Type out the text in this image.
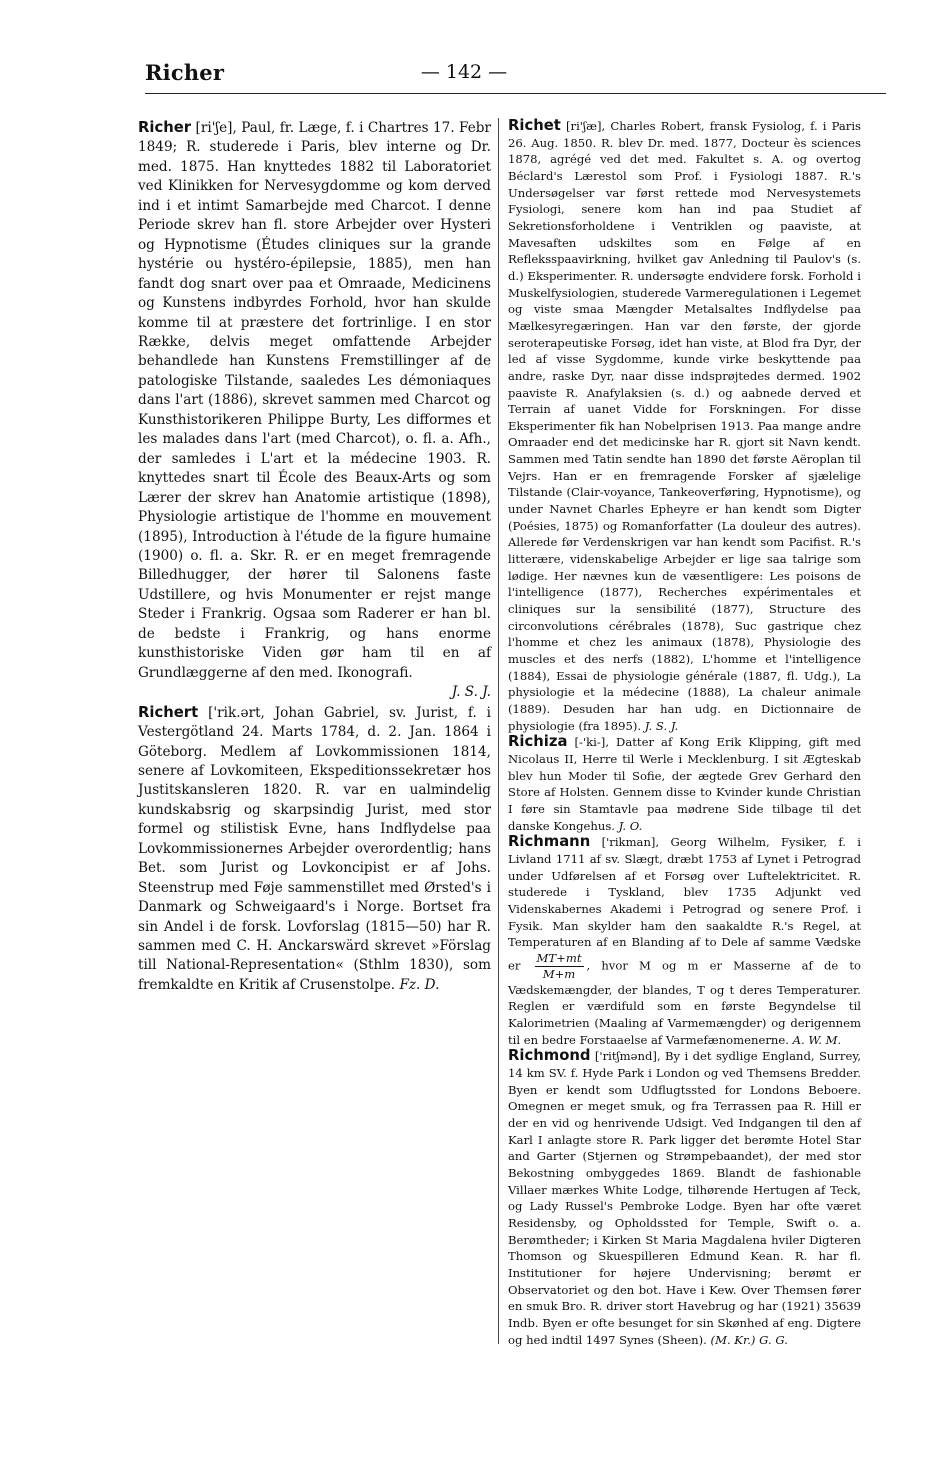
Richer	— 142 —

Richer [ri'ʃe], Paul, fr. Læge, f. i Chartres 17. Febr 1849; R. studerede i Paris, blev interne og Dr. med. 1875. Han knyttedes 1882 til Laboratoriet ved Klinikken for Nervesygdomme og kom derved ind i et intimt Samarbejde med Charcot. I denne Periode skrev han fl. store Arbejder over Hysteri og Hypnotisme (Études cliniques sur la grande hystérie ou hystéro-épilepsie, 1885), men han fandt dog snart over paa et Omraade, Medicinens og Kunstens indbyrdes Forhold, hvor han skulde komme til at præstere det fortrinlige. I en stor Række, delvis meget omfattende Arbejder behandlede han Kunstens Fremstillinger af de patologiske Tilstande, saaledes Les démoniaques dans l'art (1886), skrevet sammen med Charcot og Kunsthistorikeren Philippe Burty, Les difformes et les malades dans l'art (med Charcot), o. fl. a. Afh., der samledes i L'art et la médecine 1903. R. knyttedes snart til École des Beaux-Arts og som Lærer der skrev han Anatomie artistique (1898), Physiologie artistique de l'homme en mouvement (1895), Introduction à l'étude de la figure humaine (1900) o. fl. a. Skr. R. er en meget fremragende Billedhugger, der hører til Salonens faste Udstillere, og hvis Monumenter er rejst mange Steder i Frankrig. Ogsaa som Raderer er han bl. de bedste i Frankrig, og hans enorme kunsthistoriske Viden gør ham til en af Grundlæggerne af den med. Ikonografi.

J. S. J.

Richert ['rik.ərt, Johan Gabriel, sv. Jurist, f. i Vestergötland 24. Marts 1784, d. 2. Jan. 1864 i Göteborg. Medlem af Lovkommissionen 1814, senere af Lovkomiteen, Ekspeditionssekretær hos Justitskansleren 1820. R. var en ualmindelig kundskabsrig og skarpsindig Jurist, med stor formel og stilistisk Evne, hans Indflydelse paa Lovkommissionernes Arbejder overordentlig; hans Bet. som Jurist og Lovkoncipist er af Johs. Steenstrup med Føje sammenstillet med Ørsted's i Danmark og Schweigaard's i Norge. Bortset fra sin Andel i de forsk. Lovforslag (1815—50) har R. sammen med C. H. Anckarswärd skrevet »Förslag till National-Representation« (Sthlm 1830), som fremkaldte en Kritik af Crusenstolpe. Fz. D.

Richet [ri'ʃæ], Charles Robert, fransk Fysiolog, f. i Paris 26. Aug. 1850. R. blev Dr. med. 1877, Docteur ès sciences 1878, agrégé ved det med. Fakultet s. A. og overtog Béclard's Lærestol som Prof. i Fysiologi 1887. R.'s Undersøgelser var først rettede mod Nervesystemets Fysiologi, senere kom han ind paa Studiet af Sekretionsforholdene i Ventriklen og paaviste, at Mavesaften udskiltes som en Følge af en Refleksspaavirkning, hvilket gav Anledning til Paulov's (s. d.) Eksperimenter. R. undersøgte endvidere forsk. Forhold i Muskelfysiologien, studerede Varmeregulationen i Legemet og viste smaa Mængder Metalsaltes Indflydelse paa Mælkesyregæringen. Han var den første, der gjorde seroterapeutiske Forsøg, idet han viste, at Blod fra Dyr, der led af visse Sygdomme, kunde virke beskyttende paa andre, raske Dyr, naar disse indsprøjtedes dermed. 1902 paaviste R. Anafylaksien (s. d.) og aabnede derved et Terrain af uanet Vidde for Forskningen. For disse Eksperimenter fik han Nobelprisen 1913. Paa mange andre Omraader end det medicinske har R. gjort sit Navn kendt. Sammen med Tatin sendte han 1890 det første Aëroplan til Vejrs. Han er en fremragende Forsker af sjælelige Tilstande (Clair-voyance, Tankeoverføring, Hypnotisme), og under Navnet Charles Epheyre er han kendt som Digter (Poésies, 1875) og Romanforfatter (La douleur des autres). Allerede før Verdenskrigen var han kendt som Pacifist. R.'s litterære, videnskabelige Arbejder er lige saa talrige som lødige. Her nævnes kun de væsentligere: Les poisons de l'intelligence (1877), Recherches expérimentales et cliniques sur la sensibilité (1877), Structure des circonvolutions cérébrales (1878), Suc gastrique chez l'homme et chez les animaux (1878), Physiologie des muscles et des nerfs (1882), L'homme et l'intelligence (1884), Essai de physiologie générale (1887, fl. Udg.), La physiologie et la médecine (1888), La chaleur animale (1889). Desuden har han udg. en Dictionnaire de physiologie (fra 1895). J. S. J.

Richiza [-'ki-], Datter af Kong Erik Klipping, gift med Nicolaus II, Herre til Werle i Mecklenburg. I sit Ægteskab blev hun Moder til Sofie, der ægtede Grev Gerhard den Store af Holsten. Gennem disse to Kvinder kunde Christian I føre sin Stamtavle paa mødrene Side tilbage til det danske Kongehus. J. O.

Richmann ['rikman], Georg Wilhelm, Fysiker, f. i Livland 1711 af sv. Slægt, dræbt 1753 af Lynet i Petrograd under Udførelsen af et Forsøg over Luftelektricitet. R. studerede i Tyskland, blev 1735 Adjunkt ved Videnskabernes Akademi i Petrograd og senere Prof. i Fysik. Man skylder ham den saakaldte R.'s Regel, at Temperaturen af en Blanding af to Dele af samme Vædske er $\frac{MT+mt}{M+m}$ , hvor M og m er Masserne af de to Vædskemængder, der blandes, T og t deres Temperaturer. Reglen er værdifuld som en første Begyndelse til Kalorimetrien (Maaling af Varmemængder) og derigennem til en bedre Forstaaelse af Varmefænomenerne. A. W. M.

Richmond ['ritʃmənd], By i det sydlige England, Surrey, 14 km SV. f. Hyde Park i London og ved Themsens Bredder. Byen er kendt som Udflugtssted for Londons Beboere. Omegnen er meget smuk, og fra Terrassen paa R. Hill er der en vid og henrivende Udsigt. Ved Indgangen til den af Karl I anlagte store R. Park ligger det berømte Hotel Star and Garter (Stjernen og Strømpebaandet), der med stor Bekostning ombyggedes 1869. Blandt de fashionable Villaer mærkes White Lodge, tilhørende Hertugen af Teck, og Lady Russel's Pembroke Lodge. Byen har ofte været Residensby, og Opholdssted for Temple, Swift o. a. Berømtheder; i Kirken St Maria Magdalena hviler Digteren Thomson og Skuespilleren Edmund Kean. R. har fl. Institutioner for højere Undervisning; berømt er Observatoriet og den bot. Have i Kew. Over Themsen fører en smuk Bro. R. driver stort Havebrug og har (1921) 35639 Indb. Byen er ofte besunget for sin Skønhed af eng. Digtere og hed indtil 1497 Synes (Sheen). (M. Kr.) G. G.
